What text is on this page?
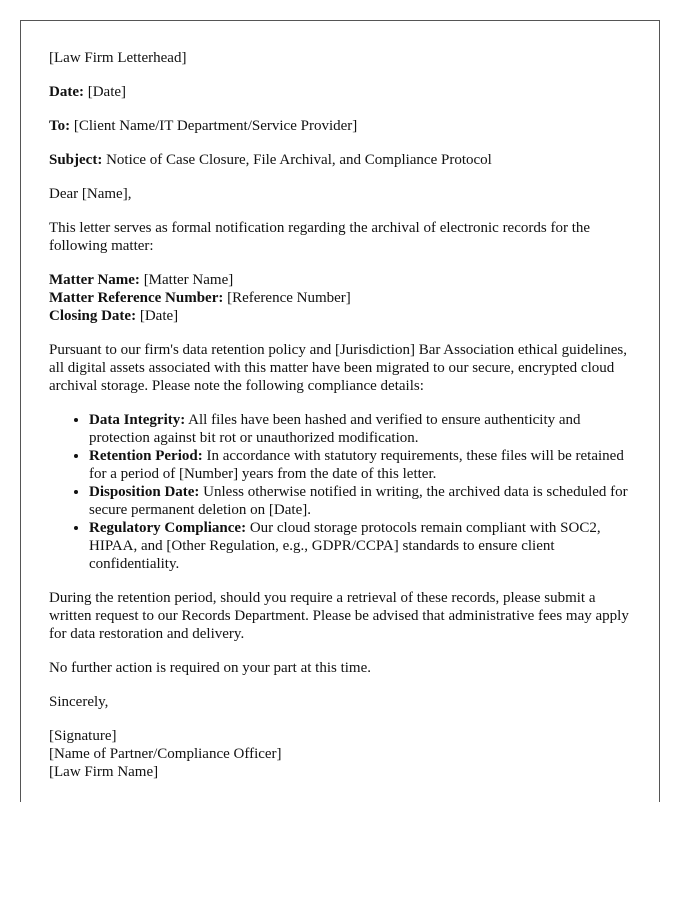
[Law Firm Letterhead]

Date: [Date]

To: [Client Name/IT Department/Service Provider]

Subject: Notice of Case Closure, File Archival, and Compliance Protocol

Dear [Name],

This letter serves as formal notification regarding the archival of electronic records for the following matter:

Matter Name: [Matter Name]

Matter Reference Number: [Reference Number]

Closing Date: [Date]

Pursuant to our firm's data retention policy and [Jurisdiction] Bar Association ethical guidelines, all digital assets associated with this matter have been migrated to our secure, encrypted cloud archival storage. Please note the following compliance details:

• Data Integrity: All files have been hashed and verified to ensure authenticity and protection against bit rot or unauthorized modification.
• Retention Period: In accordance with statutory requirements, these files will be retained for a period of [Number] years from the date of this letter.
• Disposition Date: Unless otherwise notified in writing, the archived data is scheduled for secure permanent deletion on [Date].
• Regulatory Compliance: Our cloud storage protocols remain compliant with SOC2, HIPAA, and [Other Regulation, e.g., GDPR/CCPA] standards to ensure client confidentiality.

During the retention period, should you require a retrieval of these records, please submit a written request to our Records Department. Please be advised that administrative fees may apply for data restoration and delivery.

No further action is required on your part at this time.

Sincerely,

[Signature]

[Name of Partner/Compliance Officer]

[Law Firm Name]
